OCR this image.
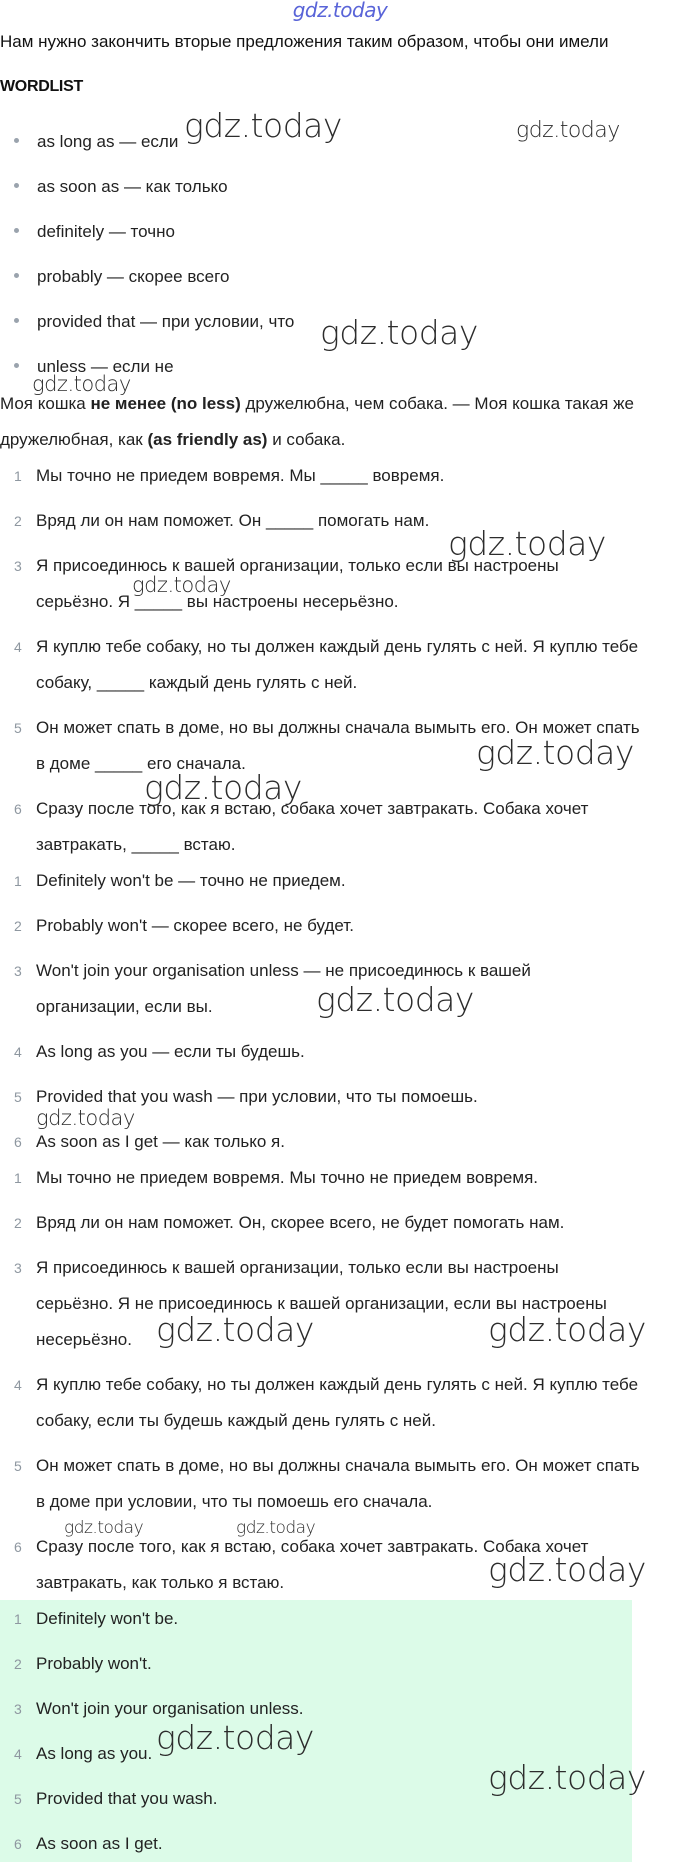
gdz.today
Нам нужно закончить вторые предложения таким образом, чтобы они имели
WORDLIST
as long as — если
as soon as — как только
definitely — точно
probably — скорее всего
provided that — при условии, что
unless — если не
Моя кошка не менее (no less) дружелюбна, чем собака. — Моя кошка такая же
дружелюбная, как (as friendly as) и собака.
1 Мы точно не приедем вовремя. Мы _____ вовремя.
2 Вряд ли он нам поможет. Он _____ помогать нам.
3 Я присоединюсь к вашей организации, только если вы настроены
серьёзно. Я _____ вы настроены несерьёзно.
4 Я куплю тебе собаку, но ты должен каждый день гулять с ней. Я куплю тебе
собаку, _____ каждый день гулять с ней.
5 Он может спать в доме, но вы должны сначала вымыть его. Он может спать
в доме _____ его сначала.
6 Сразу после того, как я встаю, собака хочет завтракать. Собака хочет
завтракать, _____ встаю.
1 Definitely won't be — точно не приедем.
2 Probably won't — скорее всего, не будет.
3 Won't join your organisation unless — не присоединюсь к вашей
организации, если вы.
4 As long as you — если ты будешь.
5 Provided that you wash — при условии, что ты помоешь.
6 As soon as I get — как только я.
1 Мы точно не приедем вовремя. Мы точно не приедем вовремя.
2 Вряд ли он нам поможет. Он, скорее всего, не будет помогать нам.
3 Я присоединюсь к вашей организации, только если вы настроены
серьёзно. Я не присоединюсь к вашей организации, если вы настроены
несерьёзно.
4 Я куплю тебе собаку, но ты должен каждый день гулять с ней. Я куплю тебе
собаку, если ты будешь каждый день гулять с ней.
5 Он может спать в доме, но вы должны сначала вымыть его. Он может спать
в доме при условии, что ты помоешь его сначала.
6 Сразу после того, как я встаю, собака хочет завтракать. Собака хочет
завтракать, как только я встаю.
1 Definitely won't be.
2 Probably won't.
3 Won't join your organisation unless.
4 As long as you.
5 Provided that you wash.
6 As soon as I get.
gdz.today	gdz.today
gdz.today
gdz.today
gdz.today
gdz.today
gdz.today
gdz.today
gdz.today
gdz.today
gdz.today	gdz.today
gdz.today	gdz.today
gdz.today
gdz.today
gdz.today
